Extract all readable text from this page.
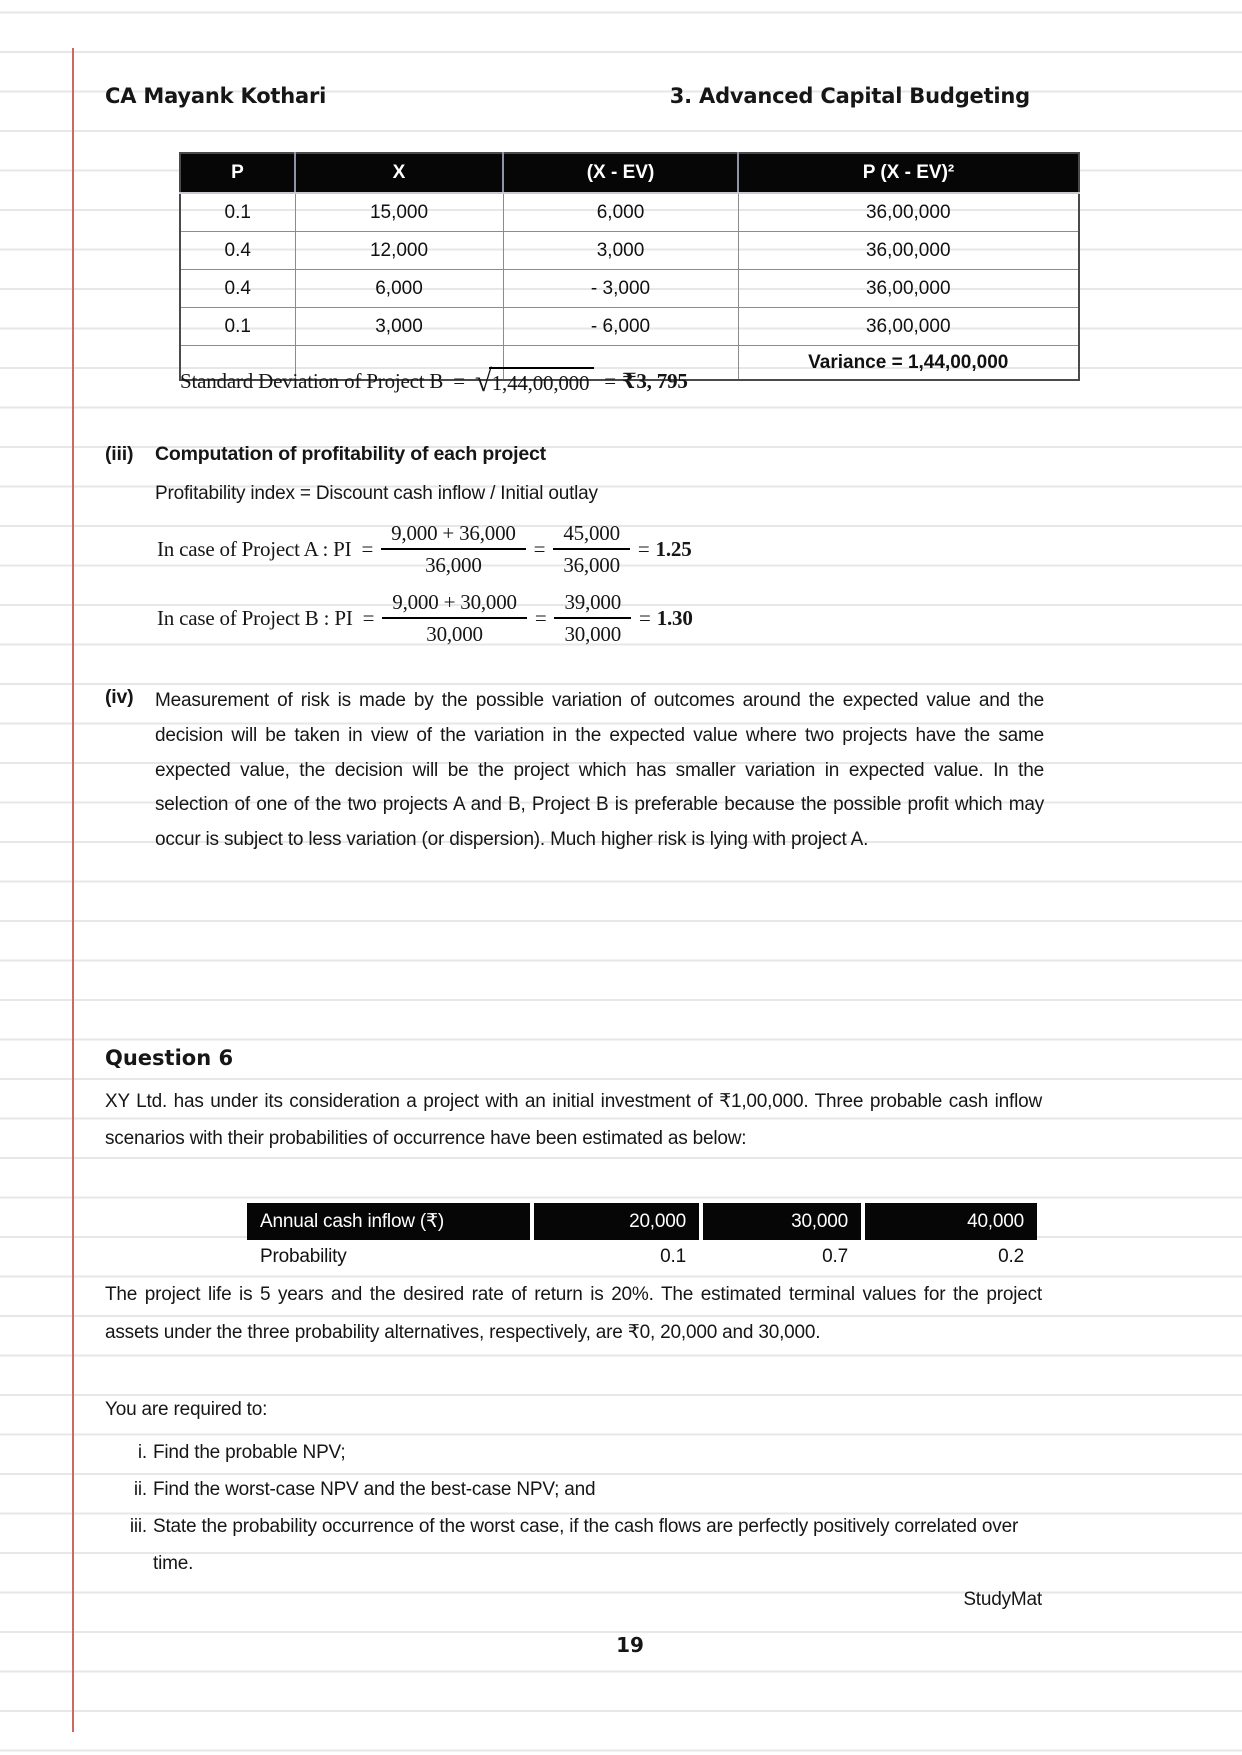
CA Mayank Kothari	3. Advanced Capital Budgeting
P	X	(X - EV)	P (X - EV)²
0.1	15,000	6,000	36,00,000
0.4	12,000	3,000	36,00,000
0.4	6,000	- 3,000	36,00,000
0.1	3,000	- 6,000	36,00,000
			Variance = 1,44,00,000
Standard Deviation of Project B = √ 1,44,00,000 = ₹3, 795
(iii) Computation of profitability of each project
Profitability index = Discount cash inflow / Initial outlay
In case of Project A : PI = $\frac{9,000 + 36,000}{36,000} = \frac{45,000}{36,000} = 1.25$
In case of Project B : PI = $\frac{9,000 + 30,000}{30,000} = \frac{39,000}{30,000} = 1.30$
(iv) Measurement of risk is made by the possible variation of outcomes around the expected value and the decision will be taken in view of the variation in the expected value where two projects have the same expected value, the decision will be the project which has smaller variation in expected value. In the selection of one of the two projects A and B, Project B is preferable because the possible profit which may occur is subject to less variation (or dispersion). Much higher risk is lying with project A.
Question 6
XY Ltd. has under its consideration a project with an initial investment of ₹1,00,000. Three probable cash inflow scenarios with their probabilities of occurrence have been estimated as below:
Annual cash inflow (₹)	20,000	30,000	40,000
Probability	0.1	0.7	0.2
The project life is 5 years and the desired rate of return is 20%. The estimated terminal values for the project assets under the three probability alternatives, respectively, are ₹0, 20,000 and 30,000.
You are required to:
i. Find the probable NPV;
ii. Find the worst-case NPV and the best-case NPV; and
iii. State the probability occurrence of the worst case, if the cash flows are perfectly positively correlated over time.
StudyMat
19
